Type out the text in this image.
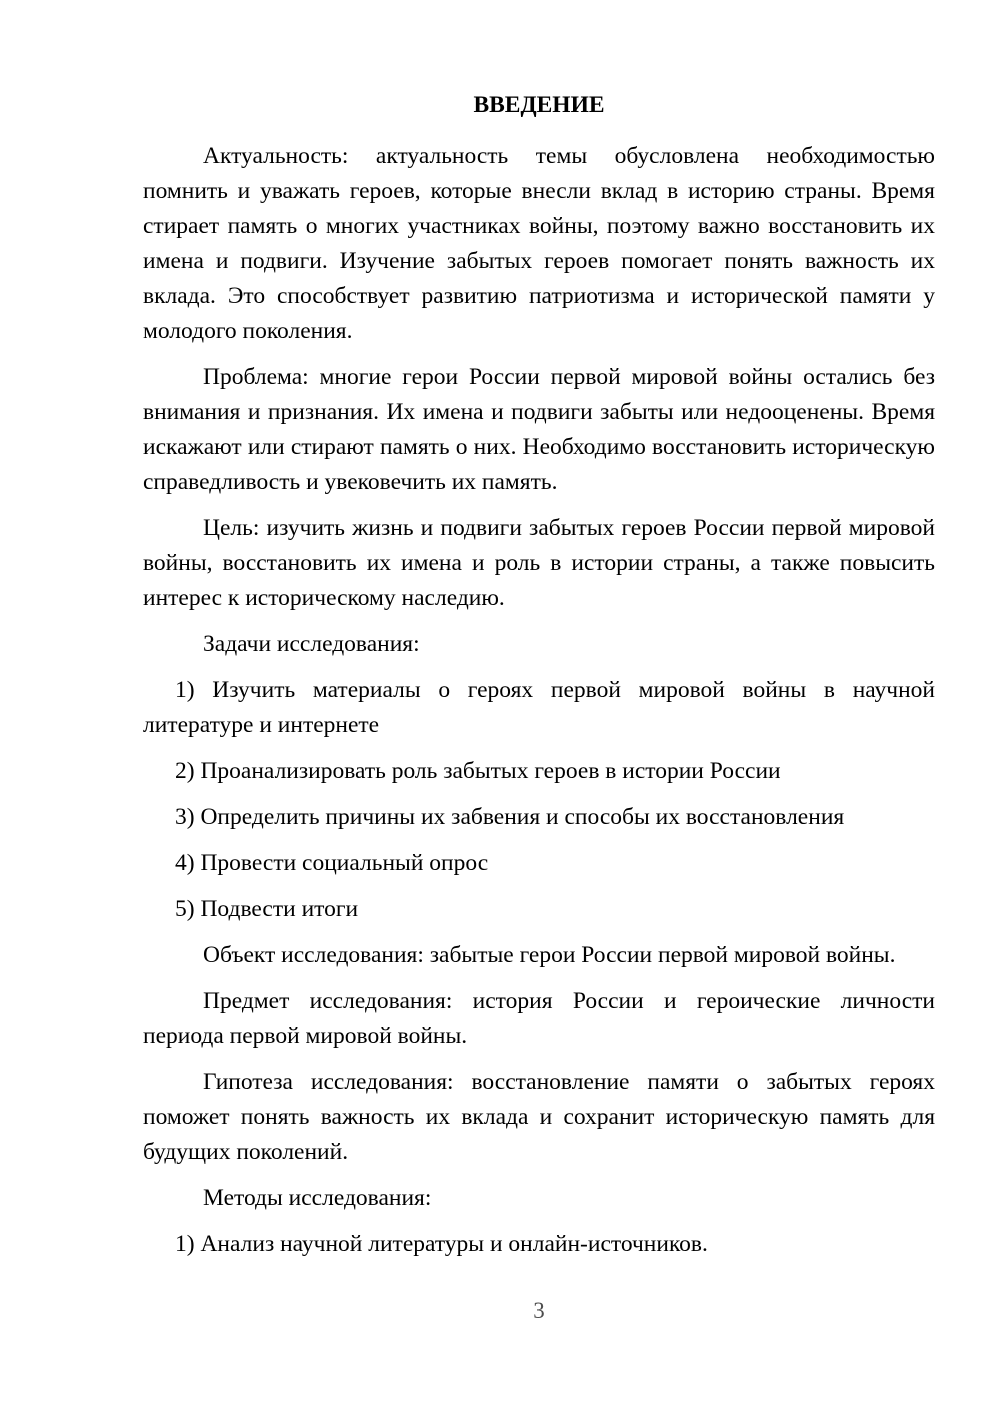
ВВЕДЕНИЕ

Актуальность: актуальность темы обусловлена необходимостью помнить и уважать героев, которые внесли вклад в историю страны. Время стирает память о многих участниках войны, поэтому важно восстановить их имена и подвиги. Изучение забытых героев помогает понять важность их вклада. Это способствует развитию патриотизма и исторической памяти у молодого поколения.

Проблема: многие герои России первой мировой войны остались без внимания и признания. Их имена и подвиги забыты или недооценены. Время искажают или стирают память о них. Необходимо восстановить историческую справедливость и увековечить их память.

Цель: изучить жизнь и подвиги забытых героев России первой мировой войны, восстановить их имена и роль в истории страны, а также повысить интерес к историческому наследию.

Задачи исследования:

1) Изучить материалы о героях первой мировой войны в научной литературе и интернете

2) Проанализировать роль забытых героев в истории России

3) Определить причины их забвения и способы их восстановления

4) Провести социальный опрос

5) Подвести итоги

Объект исследования: забытые герои России первой мировой войны.

Предмет исследования: история России и героические личности периода первой мировой войны.

Гипотеза исследования: восстановление памяти о забытых героях поможет понять важность их вклада и сохранит историческую память для будущих поколений.

Методы исследования:

1) Анализ научной литературы и онлайн-источников.

3
